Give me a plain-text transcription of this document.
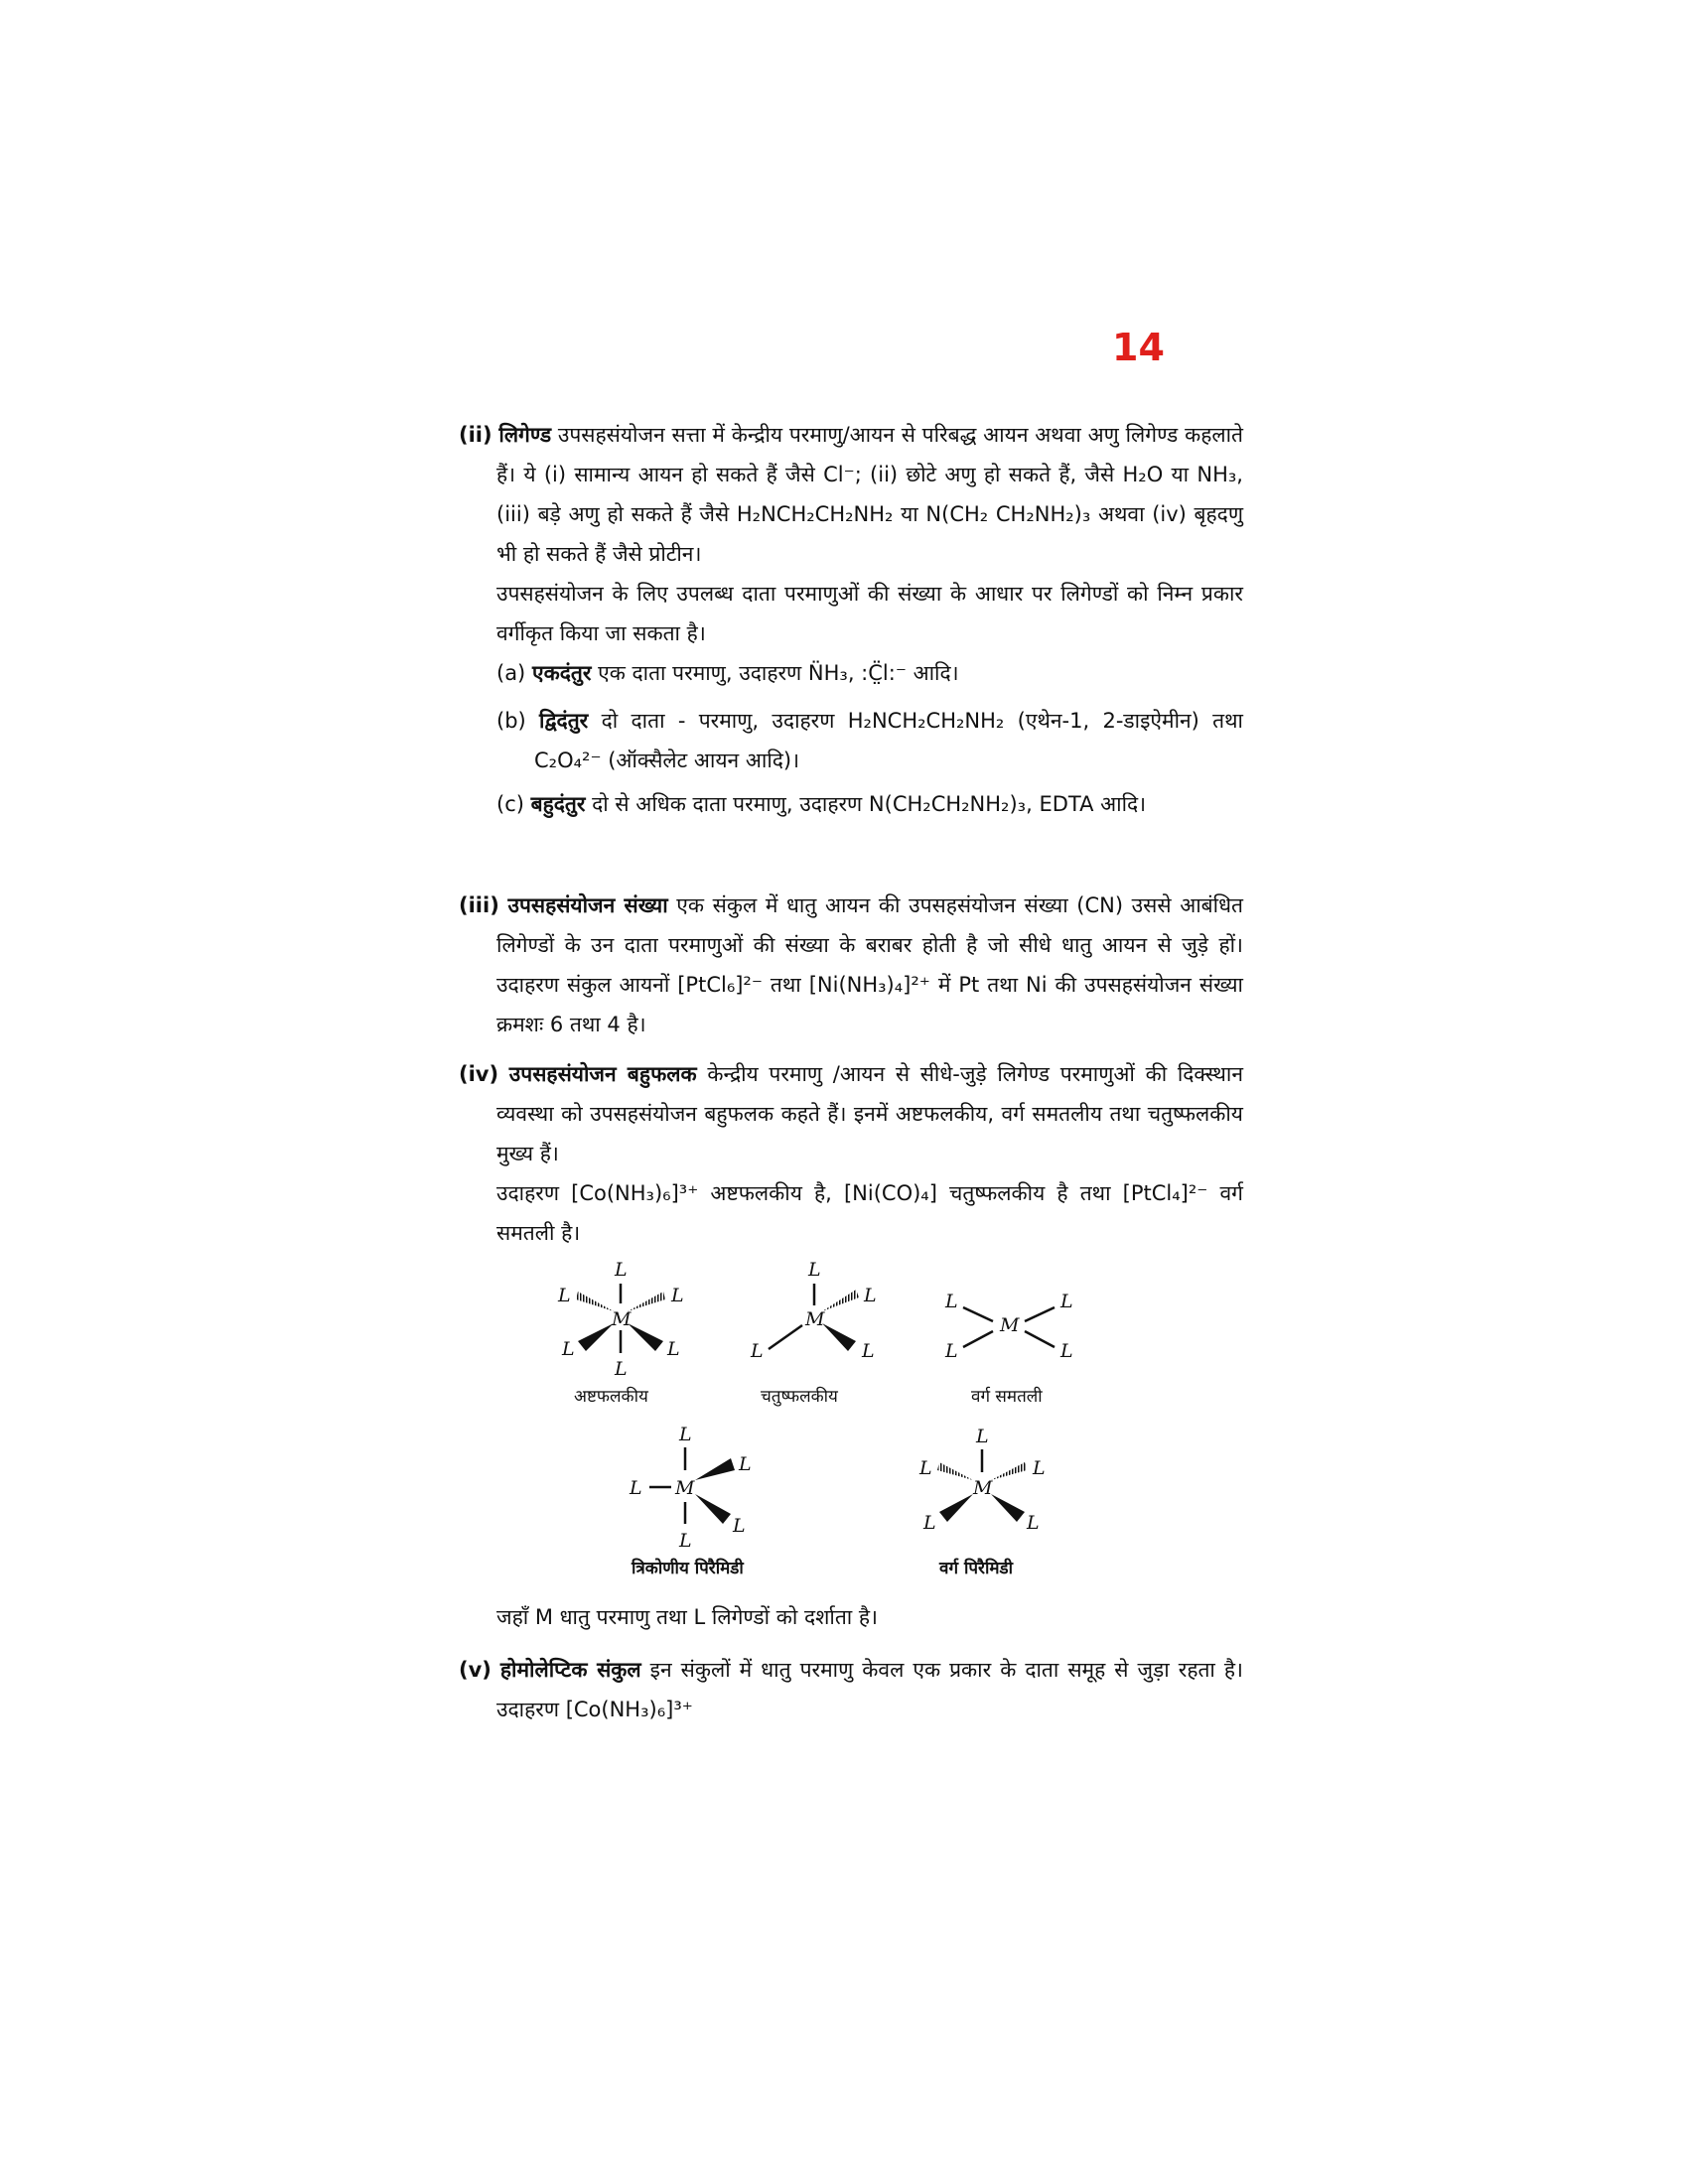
14

(ii) लिगेण्ड उपसहसंयोजन सत्ता में केन्द्रीय परमाणु/आयन से परिबद्ध आयन अथवा अणु लिगेण्ड कहलाते हैं। ये (i) सामान्य आयन हो सकते हैं जैसे Cl⁻; (ii) छोटे अणु हो सकते हैं, जैसे H₂O या NH₃, (iii) बड़े अणु हो सकते हैं जैसे H₂NCH₂CH₂NH₂ या N(CH₂ CH₂NH₂)₃ अथवा (iv) बृहदणु भी हो सकते हैं जैसे प्रोटीन।

उपसहसंयोजन के लिए उपलब्ध दाता परमाणुओं की संख्या के आधार पर लिगेण्डों को निम्न प्रकार वर्गीकृत किया जा सकता है।

(a) एकदंतुर एक दाता परमाणु, उदाहरण N̈H₃, :C̤̈l:⁻ आदि।

(b) द्विदंतुर दो दाता - परमाणु, उदाहरण H₂NCH₂CH₂NH₂ (एथेन-1, 2-डाइऐमीन) तथा C₂O₄²⁻ (ऑक्सैलेट आयन आदि)।

(c) बहुदंतुर दो से अधिक दाता परमाणु, उदाहरण N(CH₂CH₂NH₂)₃, EDTA आदि।

(iii) उपसहसंयोजन संख्या एक संकुल में धातु आयन की उपसहसंयोजन संख्या (CN) उससे आबंधित लिगेण्डों के उन दाता परमाणुओं की संख्या के बराबर होती है जो सीधे धातु आयन से जुड़े हों। उदाहरण संकुल आयनों [PtCl₆]²⁻ तथा [Ni(NH₃)₄]²⁺ में Pt तथा Ni की उपसहसंयोजन संख्या क्रमशः 6 तथा 4 है।

(iv) उपसहसंयोजन बहुफलक केन्द्रीय परमाणु /आयन से सीधे-जुड़े लिगेण्ड परमाणुओं की दिक्स्थान व्यवस्था को उपसहसंयोजन बहुफलक कहते हैं। इनमें अष्टफलकीय, वर्ग समतलीय तथा चतुष्फलकीय मुख्य हैं।

उदाहरण [Co(NH₃)₆]³⁺ अष्टफलकीय है, [Ni(CO)₄] चतुष्फलकीय है तथा [PtCl₄]²⁻ वर्ग समतली है।

L
L	L
M
L	L
L
अष्टफलकीय
L
L
M
L	L
चतुष्फलकीय
L	L
M
L	L
वर्ग समतली
L
L M
L
L
L
त्रिकोणीय पिरैमिडी
L
L	L
M
L	L
वर्ग पिरैमिडी
जहाँ M धातु परमाणु तथा L लिगेण्डों को दर्शाता है।

(v) होमोलेप्टिक संकुल इन संकुलों में धातु परमाणु केवल एक प्रकार के दाता समूह से जुड़ा रहता है। उदाहरण [Co(NH₃)₆]³⁺
